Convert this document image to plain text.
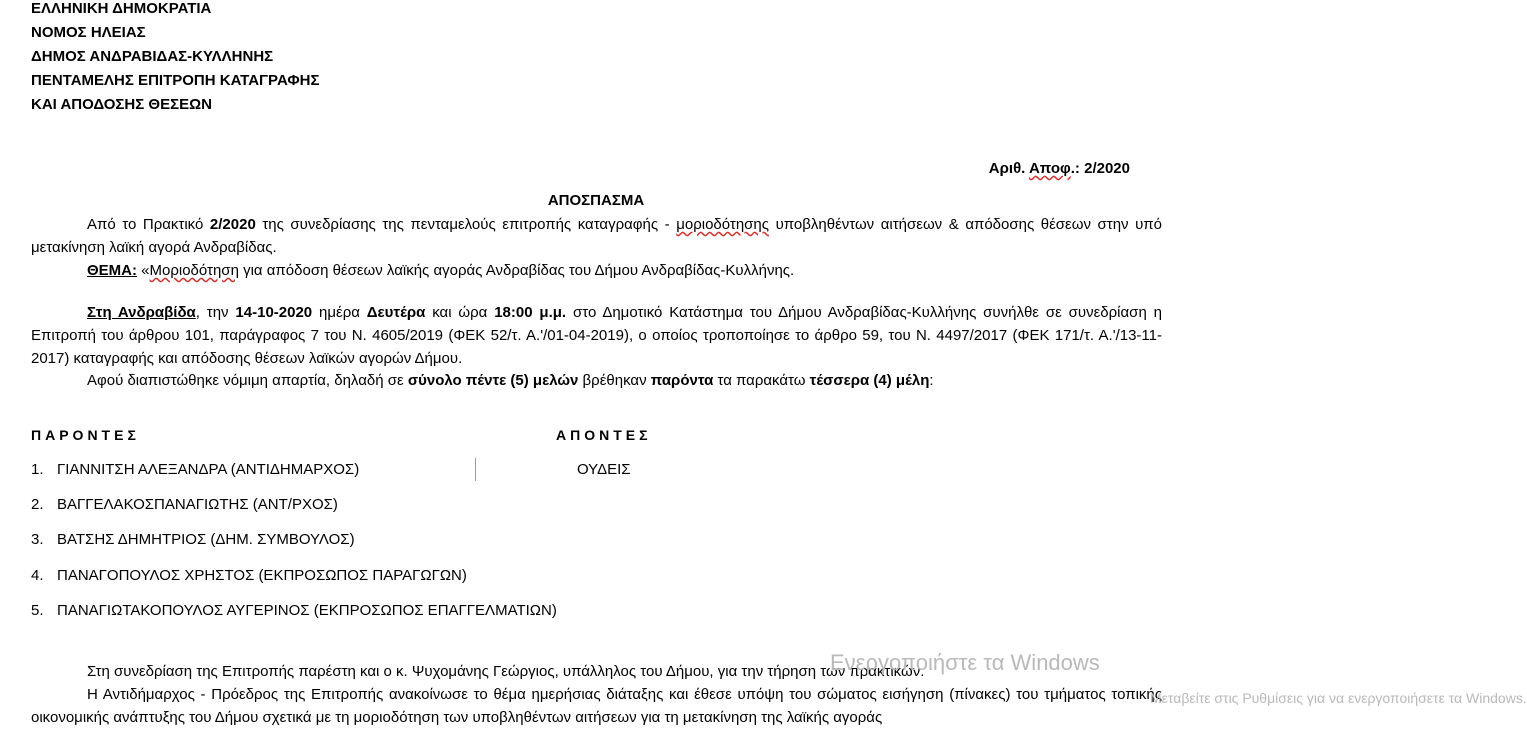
ΕΛΛΗΝΙΚΗ ΔΗΜΟΚΡΑΤΙΑ
ΝΟΜΟΣ ΗΛΕΙΑΣ
ΔΗΜΟΣ ΑΝΔΡΑΒΙΔΑΣ-ΚΥΛΛΗΝΗΣ
ΠΕΝΤΑΜΕΛΗΣ ΕΠΙΤΡΟΠΗ ΚΑΤΑΓΡΑΦΗΣ
ΚΑΙ ΑΠΟΔΟΣΗΣ ΘΕΣΕΩΝ
Αριθ. Αποφ.: 2/2020
ΑΠΟΣΠΑΣΜΑ
Από το Πρακτικό 2/2020 της συνεδρίασης της πενταμελούς επιτροπής καταγραφής - μοριοδότησης υποβληθέντων αιτήσεων & απόδοσης θέσεων στην υπό μετακίνηση λαϊκή αγορά Ανδραβίδας.
ΘΕΜΑ: «Μοριοδότηση για απόδοση θέσεων λαϊκής αγοράς Ανδραβίδας του Δήμου Ανδραβίδας-Κυλλήνης.
Στη Ανδραβίδα, την 14-10-2020 ημέρα Δευτέρα και ώρα 18:00 μ.μ. στο Δημοτικό Κατάστημα του Δήμου Ανδραβίδας-Κυλλήνης συνήλθε σε συνεδρίαση η Επιτροπή του άρθρου 101, παράγραφος 7 του Ν. 4605/2019 (ΦΕΚ 52/τ. Α.'/01-04-2019), ο οποίος τροποποίησε το άρθρο 59, του Ν. 4497/2017 (ΦΕΚ 171/τ. Α.'/13-11-2017) καταγραφής και απόδοσης θέσεων λαϊκών αγορών Δήμου.
Αφού διαπιστώθηκε νόμιμη απαρτία, δηλαδή σε σύνολο πέντε (5) μελών βρέθηκαν παρόντα τα παρακάτω τέσσερα (4) μέλη:
ΠΑΡΟΝΤΕΣ	ΑΠΟΝΤΕΣ
1. ΓΙΑΝΝΙΤΣΗ ΑΛΕΞΑΝΔΡΑ (ΑΝΤΙΔΗΜΑΡΧΟΣ)
2. ΒΑΓΓΕΛΑΚΟΣΠΑΝΑΓΙΩΤΗΣ (ΑΝΤ/ΡΧΟΣ)
3. ΒΑΤΣΗΣ ΔΗΜΗΤΡΙΟΣ (ΔΗΜ. ΣΥΜΒΟΥΛΟΣ)
4. ΠΑΝΑΓΟΠΟΥΛΟΣ ΧΡΗΣΤΟΣ (ΕΚΠΡΟΣΩΠΟΣ ΠΑΡΑΓΩΓΩΝ)
5. ΠΑΝΑΓΙΩΤΑΚΟΠΟΥΛΟΣ ΑΥΓΕΡΙΝΟΣ (ΕΚΠΡΟΣΩΠΟΣ ΕΠΑΓΓΕΛΜΑΤΙΩΝ)
ΟΥΔΕΙΣ
Στη συνεδρίαση της Επιτροπής παρέστη και ο κ. Ψυχομάνης Γεώργιος, υπάλληλος του Δήμου, για την τήρηση των πρακτικών.
Η Αντιδήμαρχος - Πρόεδρος της Επιτροπής ανακοίνωσε το θέμα ημερήσιας διάταξης και έθεσε υπόψη του σώματος εισήγηση (πίνακες) του τμήματος τοπικής οικονομικής ανάπτυξης του Δήμου σχετικά με τη μοριοδότηση των υποβληθέντων αιτήσεων για τη μετακίνηση της λαϊκής αγοράς
Ενεργοποιήστε τα Windows
Μεταβείτε στις Ρυθμίσεις για να ενεργοποιήσετε τα Windows.
